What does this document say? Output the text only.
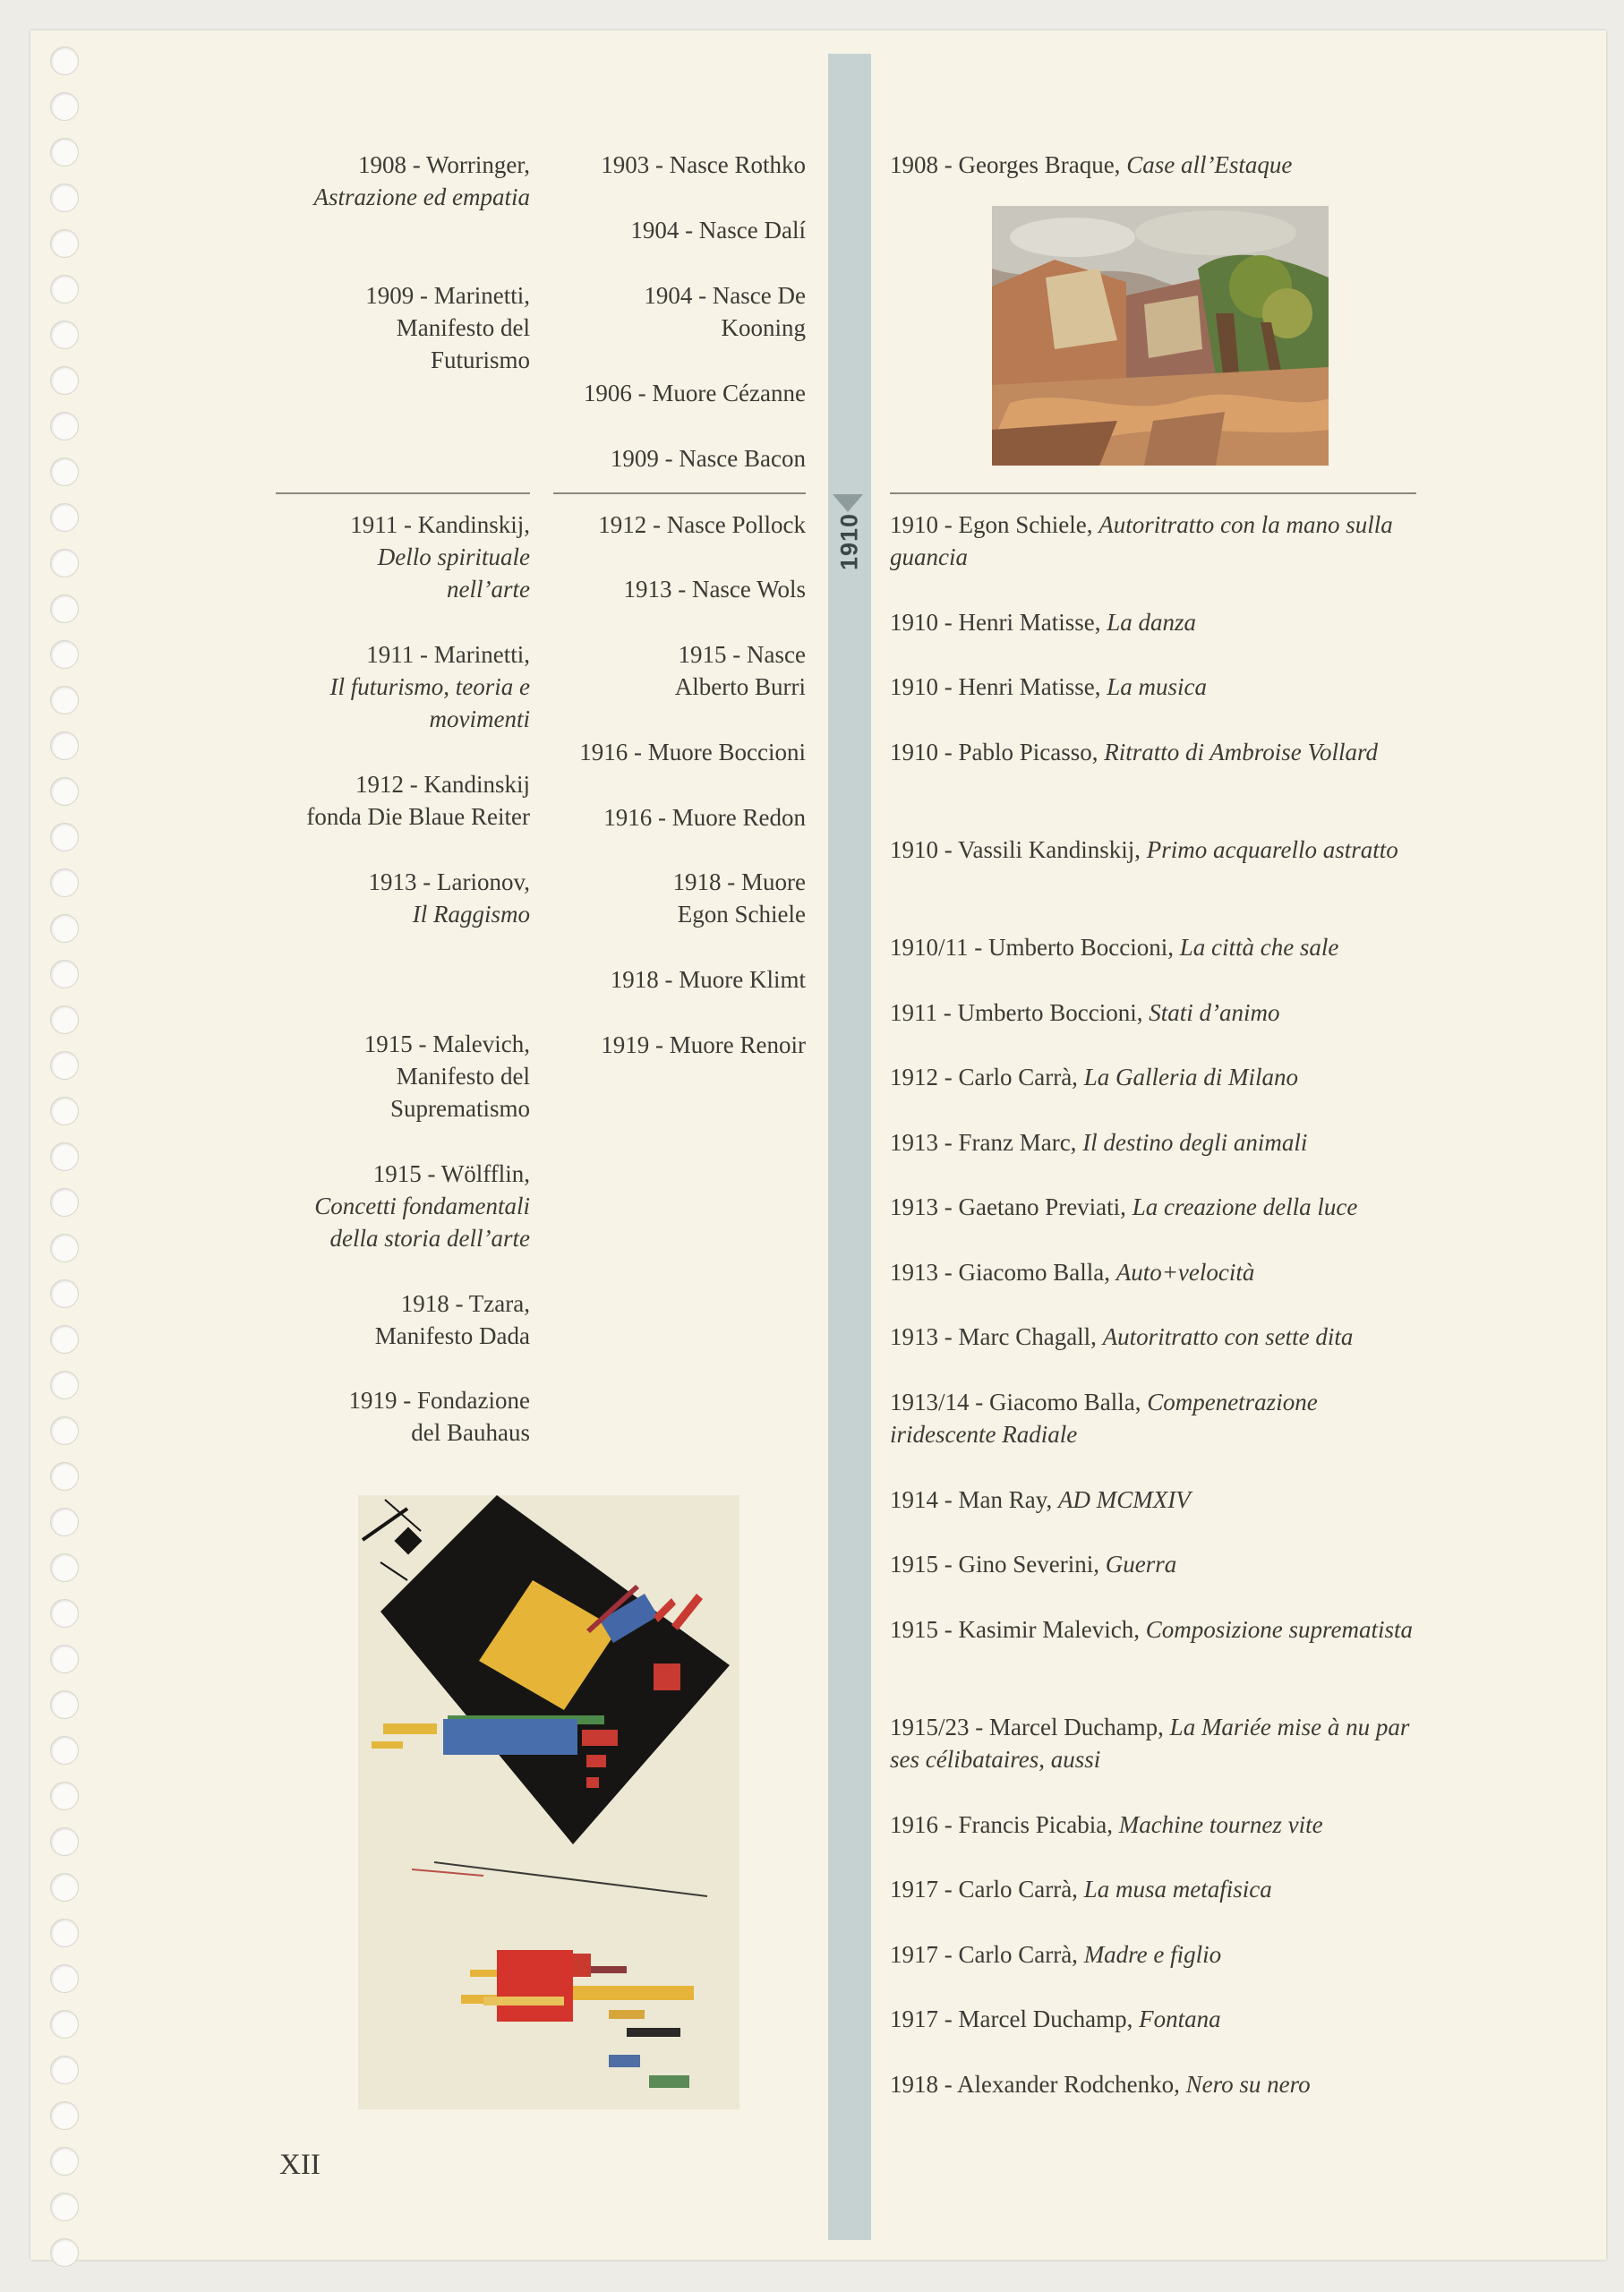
1910
1908 - Worringer,
Astrazione ed empatia
1909 - Marinetti,
Manifesto del Futurismo
1911 - Kandinskij,
Dello spirituale nell’arte
1911 - Marinetti,
Il futurismo, teoria e movimenti
1912 - Kandinskij
fonda Die Blaue Reiter
1913 - Larionov,
Il Raggismo
1915 - Malevich,
Manifesto del Suprematismo
1915 - Wölfflin,
Concetti fondamentali della storia dell’arte
1918 - Tzara,
Manifesto Dada
1919 - Fondazione
del Bauhaus
1903 - Nasce Rothko
1904 - Nasce Dalí
1904 - Nasce De Kooning
1906 - Muore Cézanne
1909 - Nasce Bacon
1912 - Nasce Pollock
1913 - Nasce Wols
1915 - Nasce Alberto Burri
1916 - Muore Boccioni
1916 - Muore Redon
1918 - Muore Egon Schiele
1918 - Muore Klimt
1919 - Muore Renoir
1908 - Georges Braque, Case all’Estaque
1910 - Egon Schiele, Autoritratto con la mano sulla guancia
1910 - Henri Matisse, La danza
1910 - Henri Matisse, La musica
1910 - Pablo Picasso, Ritratto di Ambroise Vollard
1910 - Vassili Kandinskij, Primo acquarello astratto
1910/11 - Umberto Boccioni, La città che sale
1911 - Umberto Boccioni, Stati d’animo
1912 - Carlo Carrà, La Galleria di Milano
1913 - Franz Marc, Il destino degli animali
1913 - Gaetano Previati, La creazione della luce
1913 - Giacomo Balla, Auto+velocità
1913 - Marc Chagall, Autoritratto con sette dita
1913/14 - Giacomo Balla, Compenetrazione iridescente Radiale
1914 - Man Ray, AD MCMXIV
1915 - Gino Severini, Guerra
1915 - Kasimir Malevich, Composizione suprematista
1915/23 - Marcel Duchamp, La Mariée mise à nu par ses célibataires, aussi
1916 - Francis Picabia, Machine tournez vite
1917 - Carlo Carrà, La musa metafisica
1917 - Carlo Carrà, Madre e figlio
1917 - Marcel Duchamp, Fontana
1918 - Alexander Rodchenko, Nero su nero
XII
